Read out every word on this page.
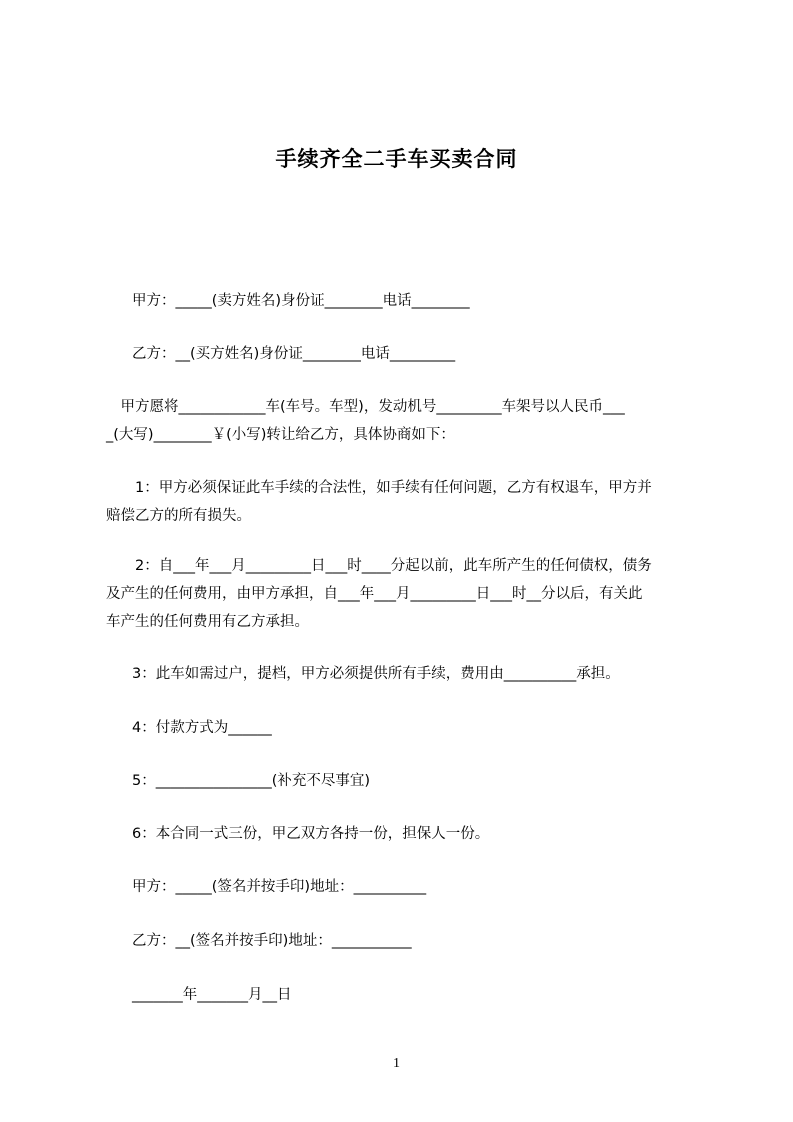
手续齐全二手车买卖合同
甲方：_____(卖方姓名)身份证________电话________
乙方：__(买方姓名)身份证________电话_________
　甲方愿将____________车(车号。车型)，发动机号_________车架号以人民币___
_(大写)________￥(小写)转让给乙方，具体协商如下：
　　1：甲方必须保证此车手续的合法性，如手续有任何问题，乙方有权退车，甲方并
赔偿乙方的所有损失。
　　2：自___年___月_________日___时____分起以前，此车所产生的任何债权，债务
及产生的任何费用，由甲方承担，自___年___月_________日___时__分以后，有关此
车产生的任何费用有乙方承担。
3：此车如需过户，提档，甲方必须提供所有手续，费用由__________承担。
4：付款方式为______
5：________________(补充不尽事宜)
6：本合同一式三份，甲乙双方各持一份，担保人一份。
甲方：_____(签名并按手印)地址：__________
乙方：__(签名并按手印)地址：___________
_______年_______月__日
1
